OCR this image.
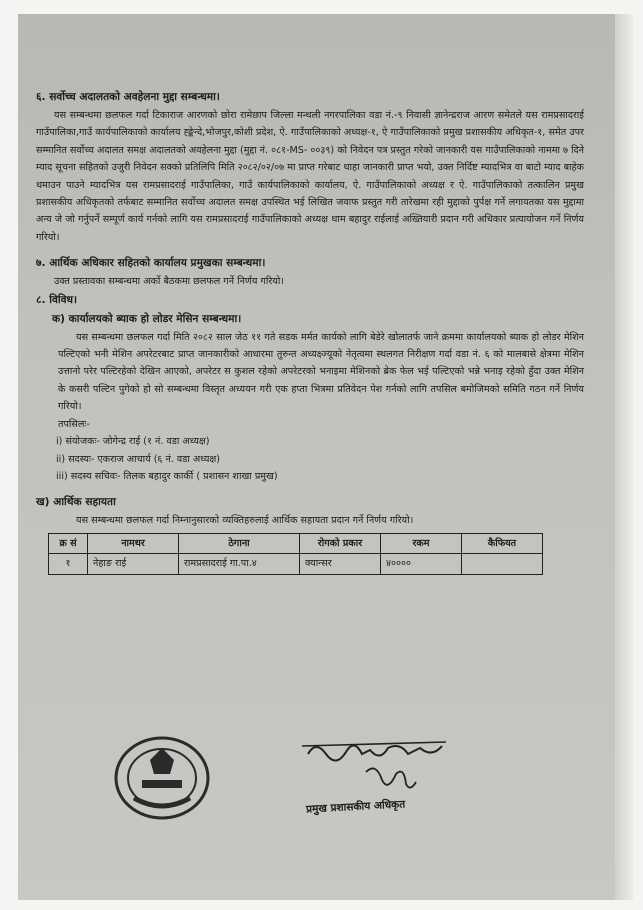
६. सर्वोच्च अदालतको अवहेलना मुद्दा सम्बन्धमा।

यस सम्बन्धमा छलफल गर्दा टिकाराज आरणको छोरा रामेछाप जिल्ला मन्थली नगरपालिका वडा नं.-९ निवासी ज्ञानेन्द्रराज आरण समेतले यस रामप्रसादराई गाउँपालिका,गाउँ कार्यपालिकाको कार्यालय ह्ङ्केन्दे,भोजपुर,कोशी प्रदेश, ऐ. गाउँपालिकाको अध्यक्ष-१, ऐ गाउँपालिकाको प्रमुख प्रशासकीय अधिकृत-१, समेत उपर सम्मानित सर्वोच्च अदालत समक्ष अदालतको अवहेलना मुद्दा (मुद्दा नं. ०८१-MS- ००३९) को निवेदन पत्र प्रस्तुत गरेको जानकारी यस गाउँपालिकाको नाममा ७ दिने म्याद सूचना सहितको उजुरी निवेदन सक्को प्रतिलिपि मिति २०८२/०२/०७ मा प्राप्त गरेबाट थाहा जानकारी प्राप्त भयो, उक्त निर्दिष्ट म्यादभित्र वा बाटो म्याद बाहेक थमाउन पाउने म्यादभित्र यस रामप्रसादराई गाउँपालिका, गाउँ कार्यपालिकाको कार्यालय, ऐ. गाउँपालिकाको अध्यक्ष र ऐ. गाउँपालिकाको तत्कालिन प्रमुख प्रशासकीय अधिकृतको तर्फबाट सम्मानित सर्वोच्च अदालत समक्ष उपस्थित भई लिखित जवाफ प्रस्तुत गरी तारेखमा रही मुद्दाको पुर्पक्ष गर्ने लगायतका यस मुद्दामा अन्य जे जो गर्नुपर्ने सम्पूर्ण कार्य गर्नको लागि यस रामप्रसादराई गाउँपालिकाको अध्यक्ष थाम बहादुर राईलाई अख्तियारी प्रदान गरी अधिकार प्रत्यायोजन गर्ने निर्णय गरियो।

७. आर्थिक अधिकार सहितको कार्यालय प्रमुखका सम्बन्धमा।

उक्त प्रस्तावका सम्बन्धमा अर्को बैठकमा छलफल गर्ने निर्णय गरियो।

८. विविध।
क) कार्यालयको ब्याक हो लोडर मेसिन सम्बन्धमा।

यस सम्बन्धमा छलफल गर्दा मिति २०८२ साल जेठ ११ गते सडक मर्मत कार्यको लागि बेडेरे खोलातर्फ जाने क्रममा कार्यालयको ब्याक हो लोडर मेशिन पल्टिएको भनी मेशिन अपरेटरबाट प्राप्त जानकारीको आधारमा तुरुन्त अध्यक्ष्ज्यूको नेतृत्वमा स्थलगत निरीक्षण गर्दा वडा नं. ६ को मालबासे क्षेत्रमा मेशिन उत्तानो परेर पल्टिरहेको देखिन आएको, अपरेटर स कुशल रहेको अपरेटरको भनाइमा मेशिनको ब्रेक फेल भई पल्टिएको भन्ने भनाइ रहेको हुँदा उक्त मेशिन के कसरी पल्टिन पुगेको हो सो सम्बन्धमा विस्तृत अध्ययन गरी एक हप्ता भित्रमा प्रतिवेदन पेश गर्नको लागि तपसिल बमोजिमको समिति गठन गर्ने निर्णय गरियो।

तपसिलः-
i) संयोजकः- जोगेन्द्र राई (१ नं. वडा अध्यक्ष)
ii) सदस्यः- एकराज आचार्य (६ नं. वडा अध्यक्ष)
iii) सदस्य सचिवः- तिलक बहादुर कार्की ( प्रशासन शाखा प्रमुख)
ख) आर्थिक सहायता

यस सम्बन्धमा छलफल गर्दा निम्नानुसारको व्यक्तिहरुलाई आर्थिक सहायता प्रदान गर्ने निर्णय गरियो।

क्र सं	नामथर	ठेगाना	रोगको प्रकार	रकम	कैफियत
१	नेहाङ राई	रामप्रसादराई गा.पा.४	क्यान्सर	४००००	
प्रमुख प्रशासकीय अधिकृत
